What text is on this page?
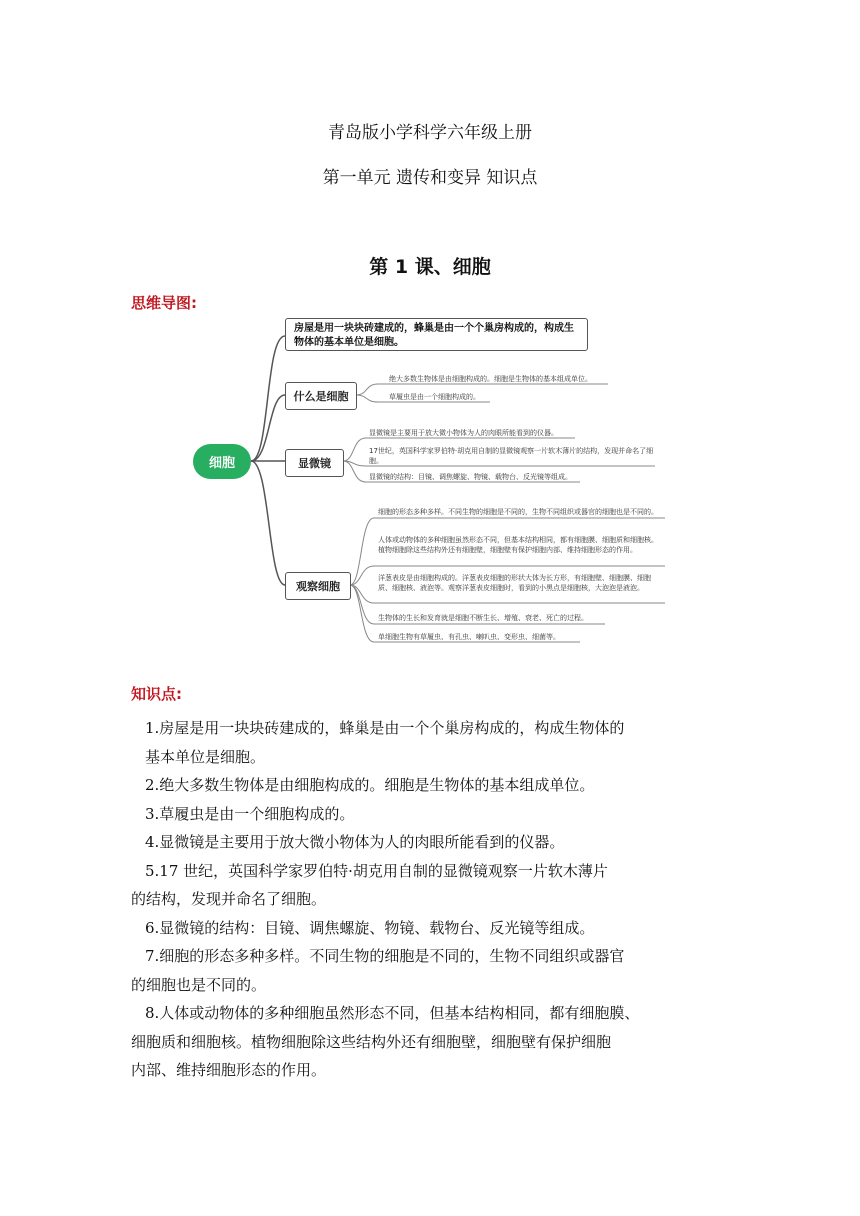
青岛版小学科学六年级上册
第一单元 遗传和变异 知识点
第 1 课、细胞
思维导图:
细胞
房屋是用一块块砖建成的，蜂巢是由一个个巢房构成的，构成生物体的基本单位是细胞。
什么是细胞
显微镜
观察细胞
绝大多数生物体是由细胞构成的。细胞是生物体的基本组成单位。
草履虫是由一个细胞构成的。
显微镜是主要用于放大微小物体为人的肉眼所能看到的仪器。
17世纪，英国科学家罗伯特·胡克用自制的显微镜观察一片软木薄片的结构，发现并命名了细胞。
显微镜的结构：目镜、调焦螺旋、物镜、载物台、反光镜等组成。
细胞的形态多种多样。不同生物的细胞是不同的，生物不同组织或器官的细胞也是不同的。
人体或动物体的多种细胞虽然形态不同，但基本结构相同，都有细胞膜、细胞质和细胞核。植物细胞除这些结构外还有细胞壁，细胞壁有保护细胞内部、维持细胞形态的作用。
洋葱表皮是由细胞构成的。洋葱表皮细胞的形状大体为长方形，有细胞壁、细胞膜、细胞质、细胞核、液泡等。观察洋葱表皮细胞时，看到的小黑点是细胞核，大泡泡是液泡。
生物体的生长和发育就是细胞不断生长、增殖、衰老、死亡的过程。
单细胞生物有草履虫、有孔虫、喇叭虫、变形虫、细菌等。
知识点:

1.房屋是用一块块砖建成的，蜂巢是由一个个巢房构成的，构成生物体的

基本单位是细胞。

2.绝大多数生物体是由细胞构成的。细胞是生物体的基本组成单位。

3.草履虫是由一个细胞构成的。

4.显微镜是主要用于放大微小物体为人的肉眼所能看到的仪器。

5.17 世纪，英国科学家罗伯特·胡克用自制的显微镜观察一片软木薄片

的结构，发现并命名了细胞。

6.显微镜的结构：目镜、调焦螺旋、物镜、载物台、反光镜等组成。

7.细胞的形态多种多样。不同生物的细胞是不同的，生物不同组织或器官

的细胞也是不同的。

8.人体或动物体的多种细胞虽然形态不同，但基本结构相同，都有细胞膜、

细胞质和细胞核。植物细胞除这些结构外还有细胞壁，细胞壁有保护细胞

内部、维持细胞形态的作用。
